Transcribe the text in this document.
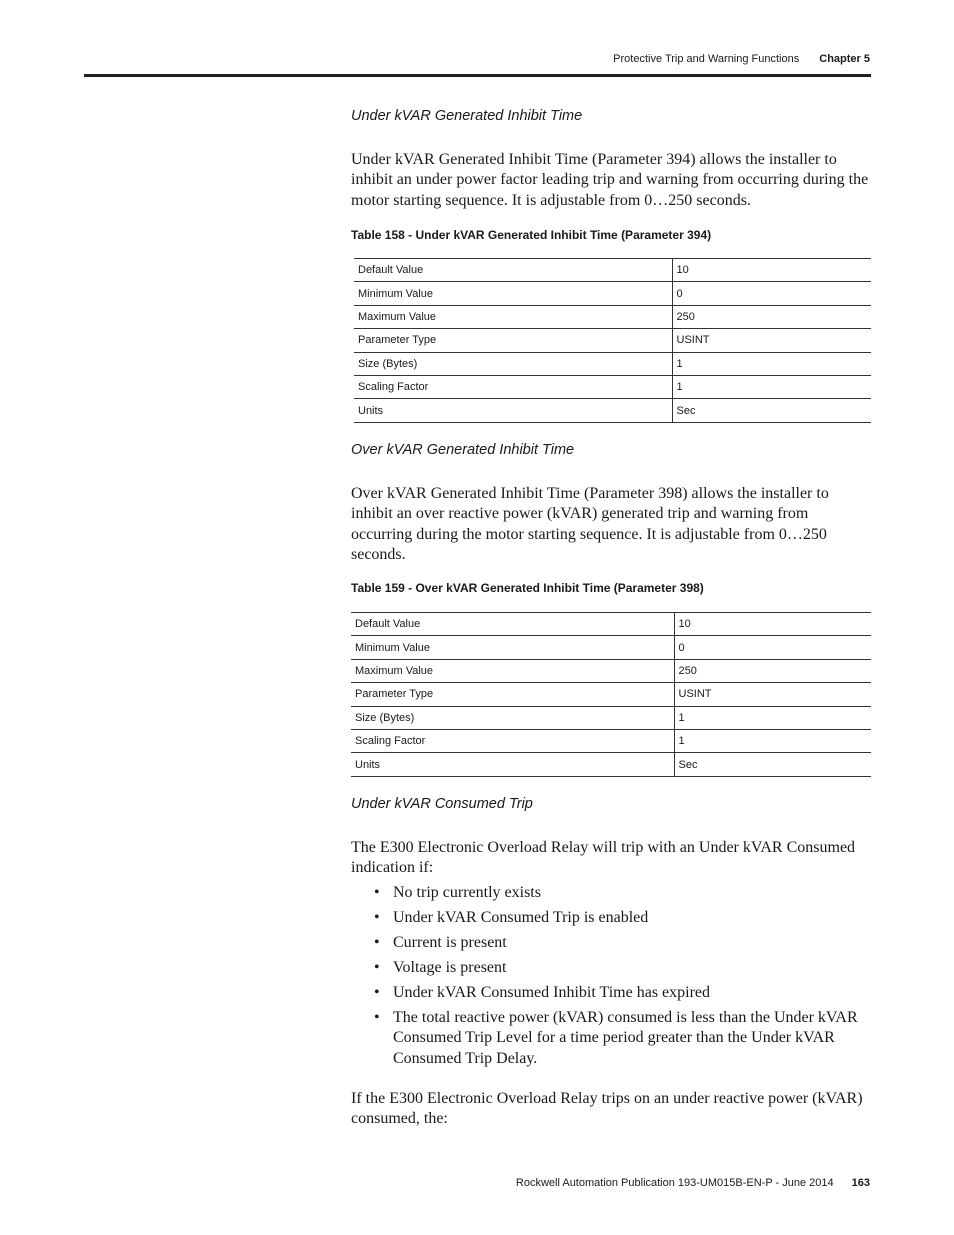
Protective Trip and Warning Functions Chapter 5

Under kVAR Generated Inhibit Time

Under kVAR Generated Inhibit Time (Parameter 394) allows the installer to inhibit an under power factor leading trip and warning from occurring during the motor starting sequence. It is adjustable from 0…250 seconds.

Table 158 - Under kVAR Generated Inhibit Time (Parameter 394)

Default Value	10
Minimum Value	0
Maximum Value	250
Parameter Type	USINT
Size (Bytes)	1
Scaling Factor	1
Units	Sec

Over kVAR Generated Inhibit Time

Over kVAR Generated Inhibit Time (Parameter 398) allows the installer to inhibit an over reactive power (kVAR) generated trip and warning from occurring during the motor starting sequence. It is adjustable from 0…250 seconds.

Table 159 - Over kVAR Generated Inhibit Time (Parameter 398)

Default Value	10
Minimum Value	0
Maximum Value	250
Parameter Type	USINT
Size (Bytes)	1
Scaling Factor	1
Units	Sec

Under kVAR Consumed Trip

The E300 Electronic Overload Relay will trip with an Under kVAR Consumed indication if:

• No trip currently exists
• Under kVAR Consumed Trip is enabled
• Current is present
• Voltage is present
• Under kVAR Consumed Inhibit Time has expired
• The total reactive power (kVAR) consumed is less than the Under kVAR Consumed Trip Level for a time period greater than the Under kVAR Consumed Trip Delay.

If the E300 Electronic Overload Relay trips on an under reactive power (kVAR) consumed, the:

Rockwell Automation Publication 193-UM015B-EN-P - June 2014 163
